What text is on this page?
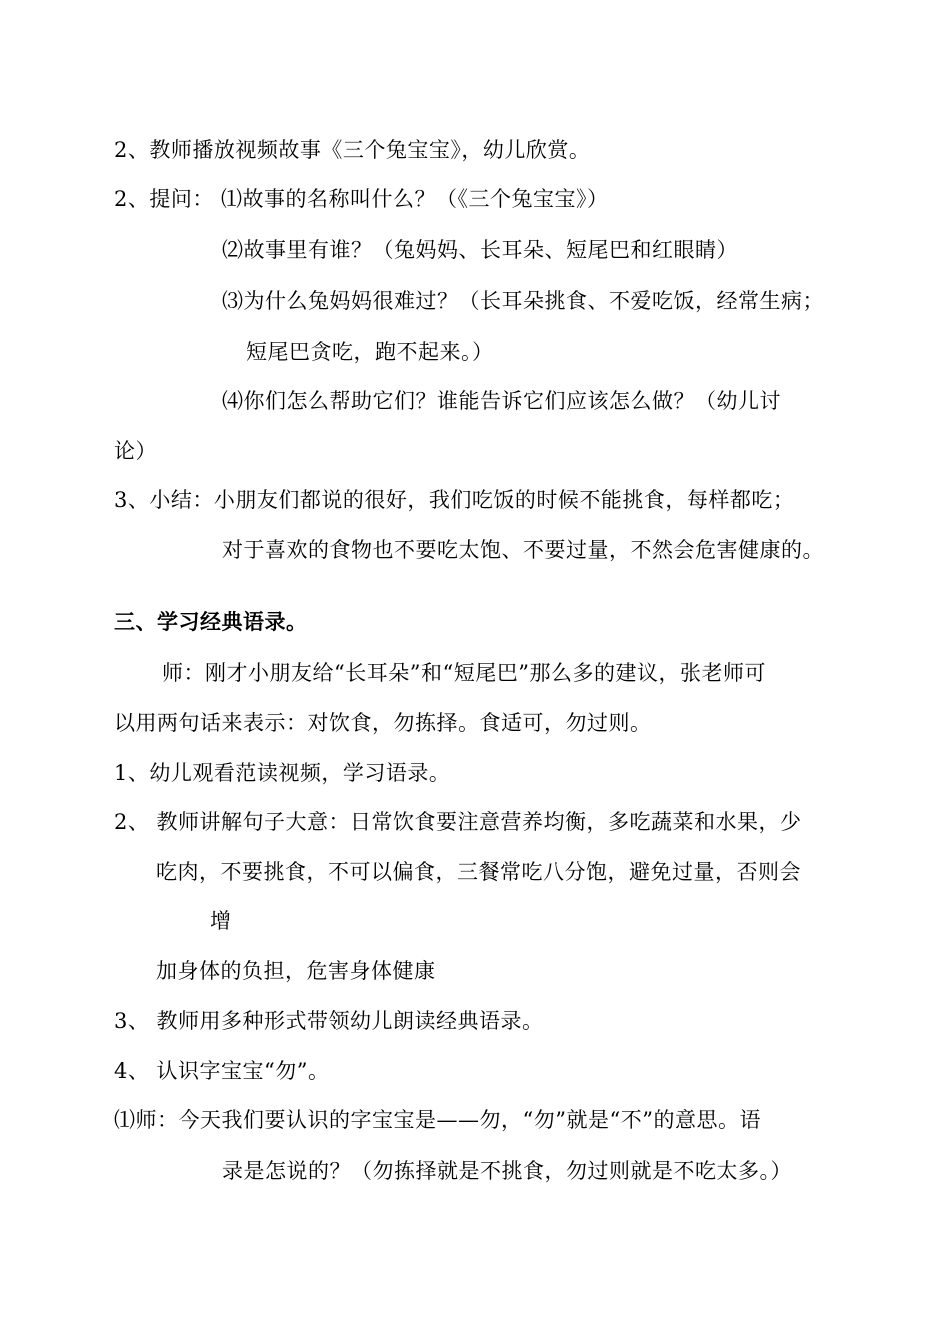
2、教师播放视频故事《三个兔宝宝》，幼儿欣赏。
2、提问： ⑴故事的名称叫什么？（《三个兔宝宝》）
⑵故事里有谁？（兔妈妈、长耳朵、短尾巴和红眼睛）
⑶为什么兔妈妈很难过？（长耳朵挑食、不爱吃饭，经常生病；
短尾巴贪吃，跑不起来。）
⑷你们怎么帮助它们？谁能告诉它们应该怎么做？（幼儿讨
论）
3、小结：小朋友们都说的很好，我们吃饭的时候不能挑食，每样都吃；
对于喜欢的食物也不要吃太饱、不要过量，不然会危害健康的。
三、学习经典语录。
师：刚才小朋友给“长耳朵”和“短尾巴”那么多的建议，张老师可
以用两句话来表示：对饮食，勿拣择。食适可，勿过则。
1、幼儿观看范读视频，学习语录。
2、 教师讲解句子大意：日常饮食要注意营养均衡，多吃蔬菜和水果，少
吃肉，不要挑食，不可以偏食，三餐常吃八分饱，避免过量，否则会
增
加身体的负担，危害身体健康
3、 教师用多种形式带领幼儿朗读经典语录。
4、 认识字宝宝“勿”。
⑴师：今天我们要认识的字宝宝是——勿，“勿”就是“不”的意思。语
录是怎说的？（勿拣择就是不挑食，勿过则就是不吃太多。）
